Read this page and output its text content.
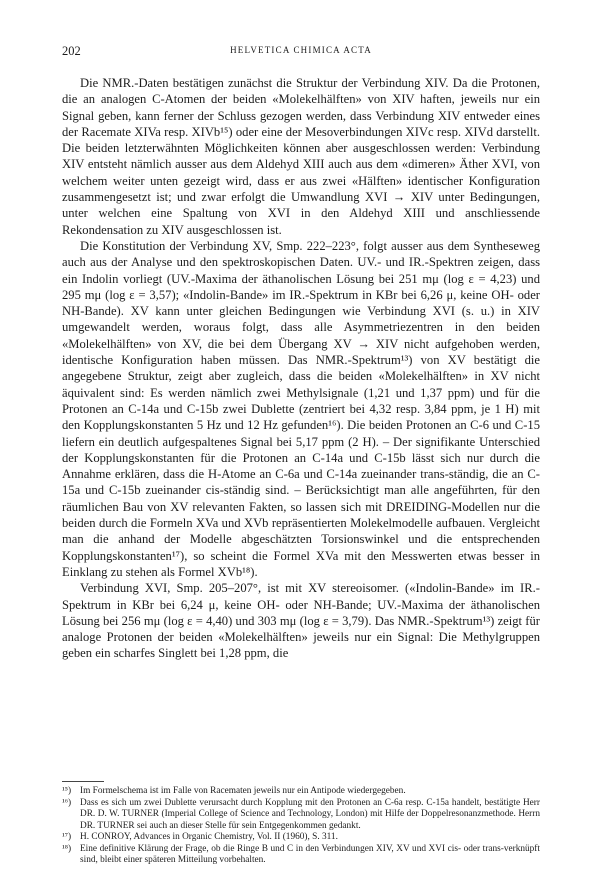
202	HELVETICA CHIMICA ACTA

Die NMR.-Daten bestätigen zunächst die Struktur der Verbindung XIV. Da die Protonen, die an analogen C-Atomen der beiden «Molekelhälften» von XIV haften, jeweils nur ein Signal geben, kann ferner der Schluss gezogen werden, dass Verbindung XIV entweder eines der Racemate XIVa resp. XIVb¹⁵) oder eine der Mesoverbindungen XIVc resp. XIVd darstellt. Die beiden letzterwähnten Möglichkeiten können aber ausgeschlossen werden: Verbindung XIV entsteht nämlich ausser aus dem Aldehyd XIII auch aus dem «dimeren» Äther XVI, von welchem weiter unten gezeigt wird, dass er aus zwei «Hälften» identischer Konfiguration zusammengesetzt ist; und zwar erfolgt die Umwandlung XVI → XIV unter Bedingungen, unter welchen eine Spaltung von XVI in den Aldehyd XIII und anschliessende Rekondensation zu XIV ausgeschlossen ist.

Die Konstitution der Verbindung XV, Smp. 222–223°, folgt ausser aus dem Syntheseweg auch aus der Analyse und den spektroskopischen Daten. UV.- und IR.-Spektren zeigen, dass ein Indolin vorliegt (UV.-Maxima der äthanolischen Lösung bei 251 mμ (log ε = 4,23) und 295 mμ (log ε = 3,57); «Indolin-Bande» im IR.-Spektrum in KBr bei 6,26 μ, keine OH- oder NH-Bande). XV kann unter gleichen Bedingungen wie Verbindung XVI (s. u.) in XIV umgewandelt werden, woraus folgt, dass alle Asymmetriezentren in den beiden «Molekelhälften» von XV, die bei dem Übergang XV → XIV nicht aufgehoben werden, identische Konfiguration haben müssen. Das NMR.-Spektrum¹³) von XV bestätigt die angegebene Struktur, zeigt aber zugleich, dass die beiden «Molekelhälften» in XV nicht äquivalent sind: Es werden nämlich zwei Methylsignale (1,21 und 1,37 ppm) und für die Protonen an C-14a und C-15b zwei Dublette (zentriert bei 4,32 resp. 3,84 ppm, je 1 H) mit den Kopplungskonstanten 5 Hz und 12 Hz gefunden¹⁶). Die beiden Protonen an C-6 und C-15 liefern ein deutlich aufgespaltenes Signal bei 5,17 ppm (2 H). – Der signifikante Unterschied der Kopplungskonstanten für die Protonen an C-14a und C-15b lässt sich nur durch die Annahme erklären, dass die H-Atome an C-6a und C-14a zueinander trans-ständig, die an C-15a und C-15b zueinander cis-ständig sind. – Berücksichtigt man alle angeführten, für den räumlichen Bau von XV relevanten Fakten, so lassen sich mit DREIDING-Modellen nur die beiden durch die Formeln XVa und XVb repräsentierten Molekelmodelle aufbauen. Vergleicht man die anhand der Modelle abgeschätzten Torsionswinkel und die entsprechenden Kopplungskonstanten¹⁷), so scheint die Formel XVa mit den Messwerten etwas besser in Einklang zu stehen als Formel XVb¹⁸).

Verbindung XVI, Smp. 205–207°, ist mit XV stereoisomer. («Indolin-Bande» im IR.-Spektrum in KBr bei 6,24 μ, keine OH- oder NH-Bande; UV.-Maxima der äthanolischen Lösung bei 256 mμ (log ε = 4,40) und 303 mμ (log ε = 3,79). Das NMR.-Spektrum¹³) zeigt für analoge Protonen der beiden «Molekelhälften» jeweils nur ein Signal: Die Methylgruppen geben ein scharfes Singlett bei 1,28 ppm, die

¹⁵) Im Formelschema ist im Falle von Racematen jeweils nur ein Antipode wiedergegeben.
¹⁶) Dass es sich um zwei Dublette verursacht durch Kopplung mit den Protonen an C-6a resp. C-15a handelt, bestätigte Herr DR. D. W. TURNER (Imperial College of Science and Technology, London) mit Hilfe der Doppelresonanzmethode. Herrn DR. TURNER sei auch an dieser Stelle für sein Entgegenkommen gedankt.
¹⁷) H. CONROY, Advances in Organic Chemistry, Vol. II (1960), S. 311.
¹⁸) Eine definitive Klärung der Frage, ob die Ringe B und C in den Verbindungen XIV, XV und XVI cis- oder trans-verknüpft sind, bleibt einer späteren Mitteilung vorbehalten.
